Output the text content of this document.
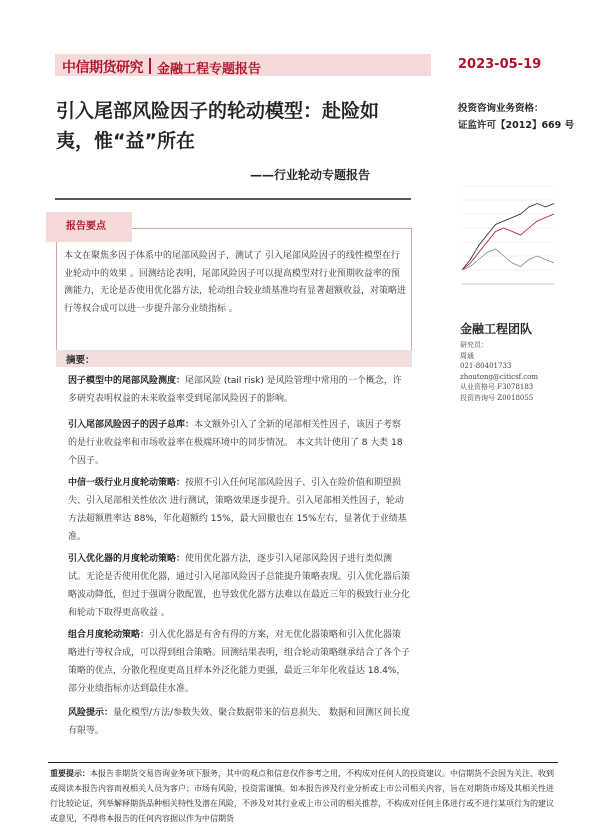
中信期货研究 金融工程专题报告	2023-05-19
引入尾部风险因子的轮动模型：赴险如夷，惟“益”所在
——行业轮动专题报告
投资咨询业务资格：
证监许可【2012】669 号
金融工程团队
研究员：
周通
021-80401733
zhoutong@citicsf.com
从业资格号 F3078183
投资咨询号 Z0018055
报告要点
本文在聚焦多因子体系中的尾部风险因子，测试了 引入尾部风险因子的线性模型在行业轮动中的效果 。回测结论表明，尾部风险因子可以提高模型对行业预期收益率的预测能力，无论是否使用优化器方法，轮动组合较业绩基准均有显著超额收益，对策略进行等权合成可以进一步提升部分业绩指标 。
摘要：
因子模型中的尾部风险测度：尾部风险 (tail risk) 是风险管理中常用的一个概念，许多研究表明权益的未来收益率受到尾部风险因子的影响。
引入尾部风险因子的因子总库：本文额外引入了全新的尾部相关性因子，该因子考察的是行业收益率和市场收益率在极端环境中的同步情况。 本文共计使用了 8 大类 18 个因子。
中信一级行业月度轮动策略：按照不引入任何尾部风险因子、引入在险价值和期望损失、引入尾部相关性依次 进行测试，策略效果逐步提升。引入尾部相关性因子，轮动方法超额胜率达 88%，年化超额约 15%，最大回撤也在 15%左右，显著优于业绩基准。
引入优化器的月度轮动策略：使用优化器方法，逐步引入尾部风险因子进行类似测试。无论是否使用优化器，通过引入尾部风险因子总能提升策略表现。引入优化器后策略波动降低，但过于强调分散配置，也导致优化器方法难以在最近三年的极致行业分化和轮动下取得更高收益 。
组合月度轮动策略：引入优化器是有舍有得的方案，对无优化器策略和引入优化器策略进行等权合成，可以得到组合策略。回测结果表明，组合轮动策略继承结合了各个子策略的优点，分散化程度更高且样本外泛化能力更强，最近三年年化收益达 18.4%，部分业绩指标亦达到最佳水准。
风险提示：量化模型/方法/参数失效、聚合数据带来的信息损失、 数据和回测区间长度有限等。
重要提示：本报告非期货交易咨询业务项下服务，其中的观点和信息仅作参考之用，不构成对任何人的投资建议。中信期货不会因为关注、收到或阅读本报告内容而视相关人员为客户；市场有风险，投资需谨慎。如本报告涉及行业分析或上市公司相关内容，旨在对期货市场及其相关性进行比较论证，列举解释期货品种相关特性及潜在风险，不涉及对其行业或上市公司的相关推荐，不构成对任何主体进行或不进行某项行为的建议或意见，不得将本报告的任何内容据以作为中信期货
